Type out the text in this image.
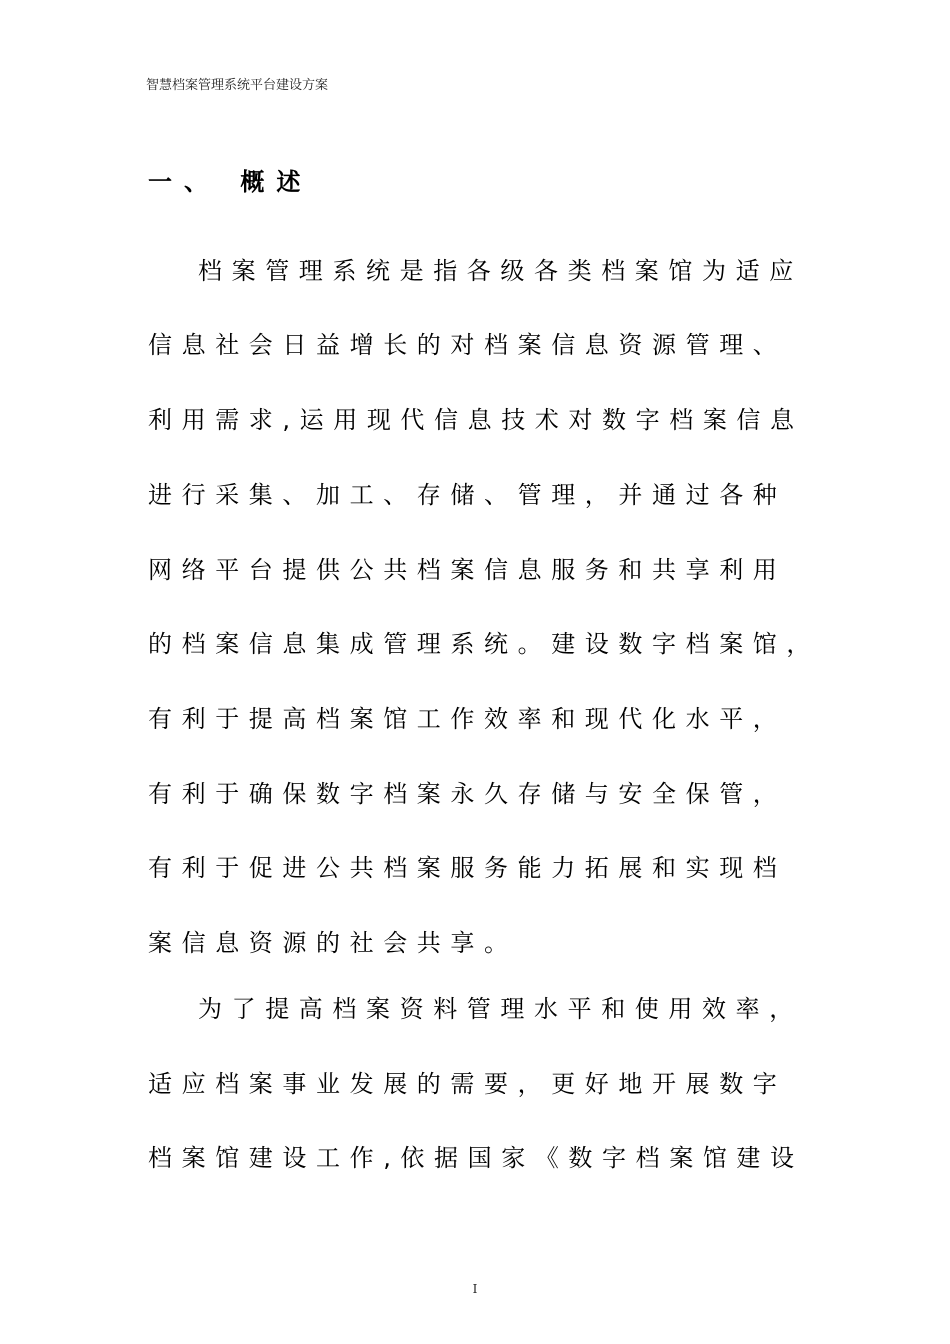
智慧档案管理系统平台建设方案
一、 概述
档案管理系统是指各级各类档案馆为适应
信息社会日益增长的对档案信息资源管理、
利用需求,运用现代信息技术对数字档案信息
进行采集、加工、存储、管理，并通过各种
网络平台提供公共档案信息服务和共享利用
的档案信息集成管理系统。建设数字档案馆，
有利于提高档案馆工作效率和现代化水平，
有利于确保数字档案永久存储与安全保管，
有利于促进公共档案服务能力拓展和实现档
案信息资源的社会共享。
为了提高档案资料管理水平和使用效率，
适应档案事业发展的需要，更好地开展数字
档案馆建设工作,依据国家《数字档案馆建设
I
